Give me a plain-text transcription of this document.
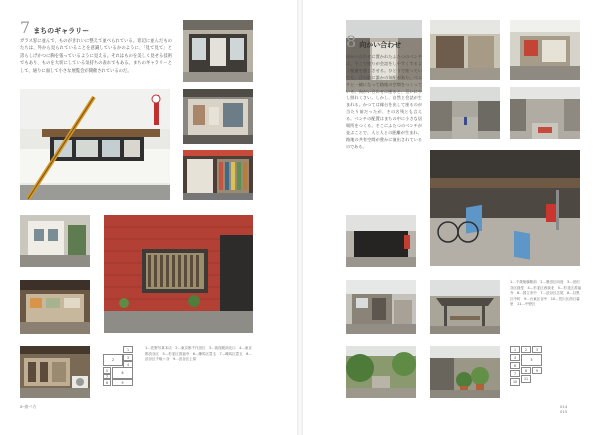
7 まちのギャラリー
ガラス窓に並んで、ものがきれいに整えて並べられている。窓辺に並んだものたちは、外から見られていることを意識しているかのように、「見て見て」と誇らしげかつに胸を張っているように見える。それはものを美しく見せる技術でもあり、ものを大切にしている気持ちの表れでもある。まちのギャラリーとして、通りに面して小さな展覧会が開催されているのだ。
1
2
3
4
5
6
7
8	9
1…佐野写真本店　2…東京都千代田区　3…荻窪駅前北口　4…東京都渋谷区　5…杉並区善福寺　6…練馬区豊玉　7…練馬区豊玉　8…渋谷区千駄ヶ谷　9…渋谷区上原
a–曲べ方
8 向かい合わせ
向かい合わせに置かれたふたつのベンチは、そこで座りが会話をしやすくするよう配慮を感じさせる。ひとりで座っていても、目の前に誰かの気配があり、ベンチと一緒になって路地の空間をつくっている。向かい合わせに座ると、互いに少し照れくさい。しかし、自然と会話が生まれる。かつては縁台を出して座るのが当たり前だったが、その名残とも言える。ベンチの配置はまちの中に小さな居場所をつくる。そこにふたつのベンチが並ぶことで、人と人との距離が生まれ、路地の共有空間が豊かに演出されているのである。
1…千歳船橋駅前　2…墨田区向島　3…世田谷区経堂　4…杉並区西荻北　5…杉並区善福寺　6…国立市中　7…渋谷区広尾　8…目黒区中町　9…台東区谷中　10…荒川区西日暮里　11…中野区
1	2	3
4
5
6
7
8	9
10
11
014
015
